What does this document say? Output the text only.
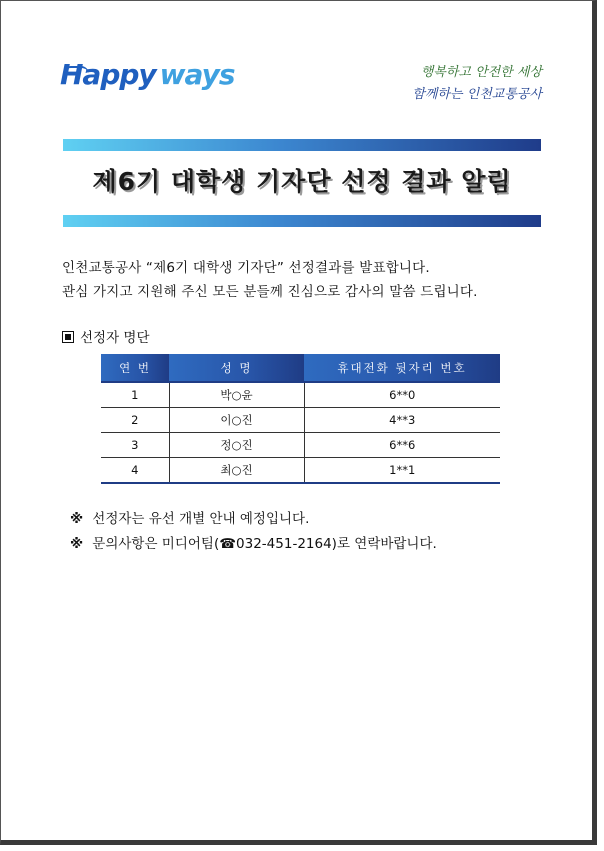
Happy ways	행복하고 안전한 세상
함께하는 인천교통공사
제6기 대학생 기자단 선정 결과 알림

인천교통공사 “제6기 대학생 기자단” 선정결과를 발표합니다.

관심 가지고 지원해 주신 모든 분들께 진심으로 감사의 말씀 드립니다.

선정자 명단
연 번	성 명	휴대전화 뒷자리 번호
1	박○윤	6**0
2	이○진	4**3
3	정○진	6**6
4	최○진	1**1

※ 선정자는 유선 개별 안내 예정입니다.

※ 문의사항은 미디어팀(☎032-451-2164)로 연락바랍니다.
